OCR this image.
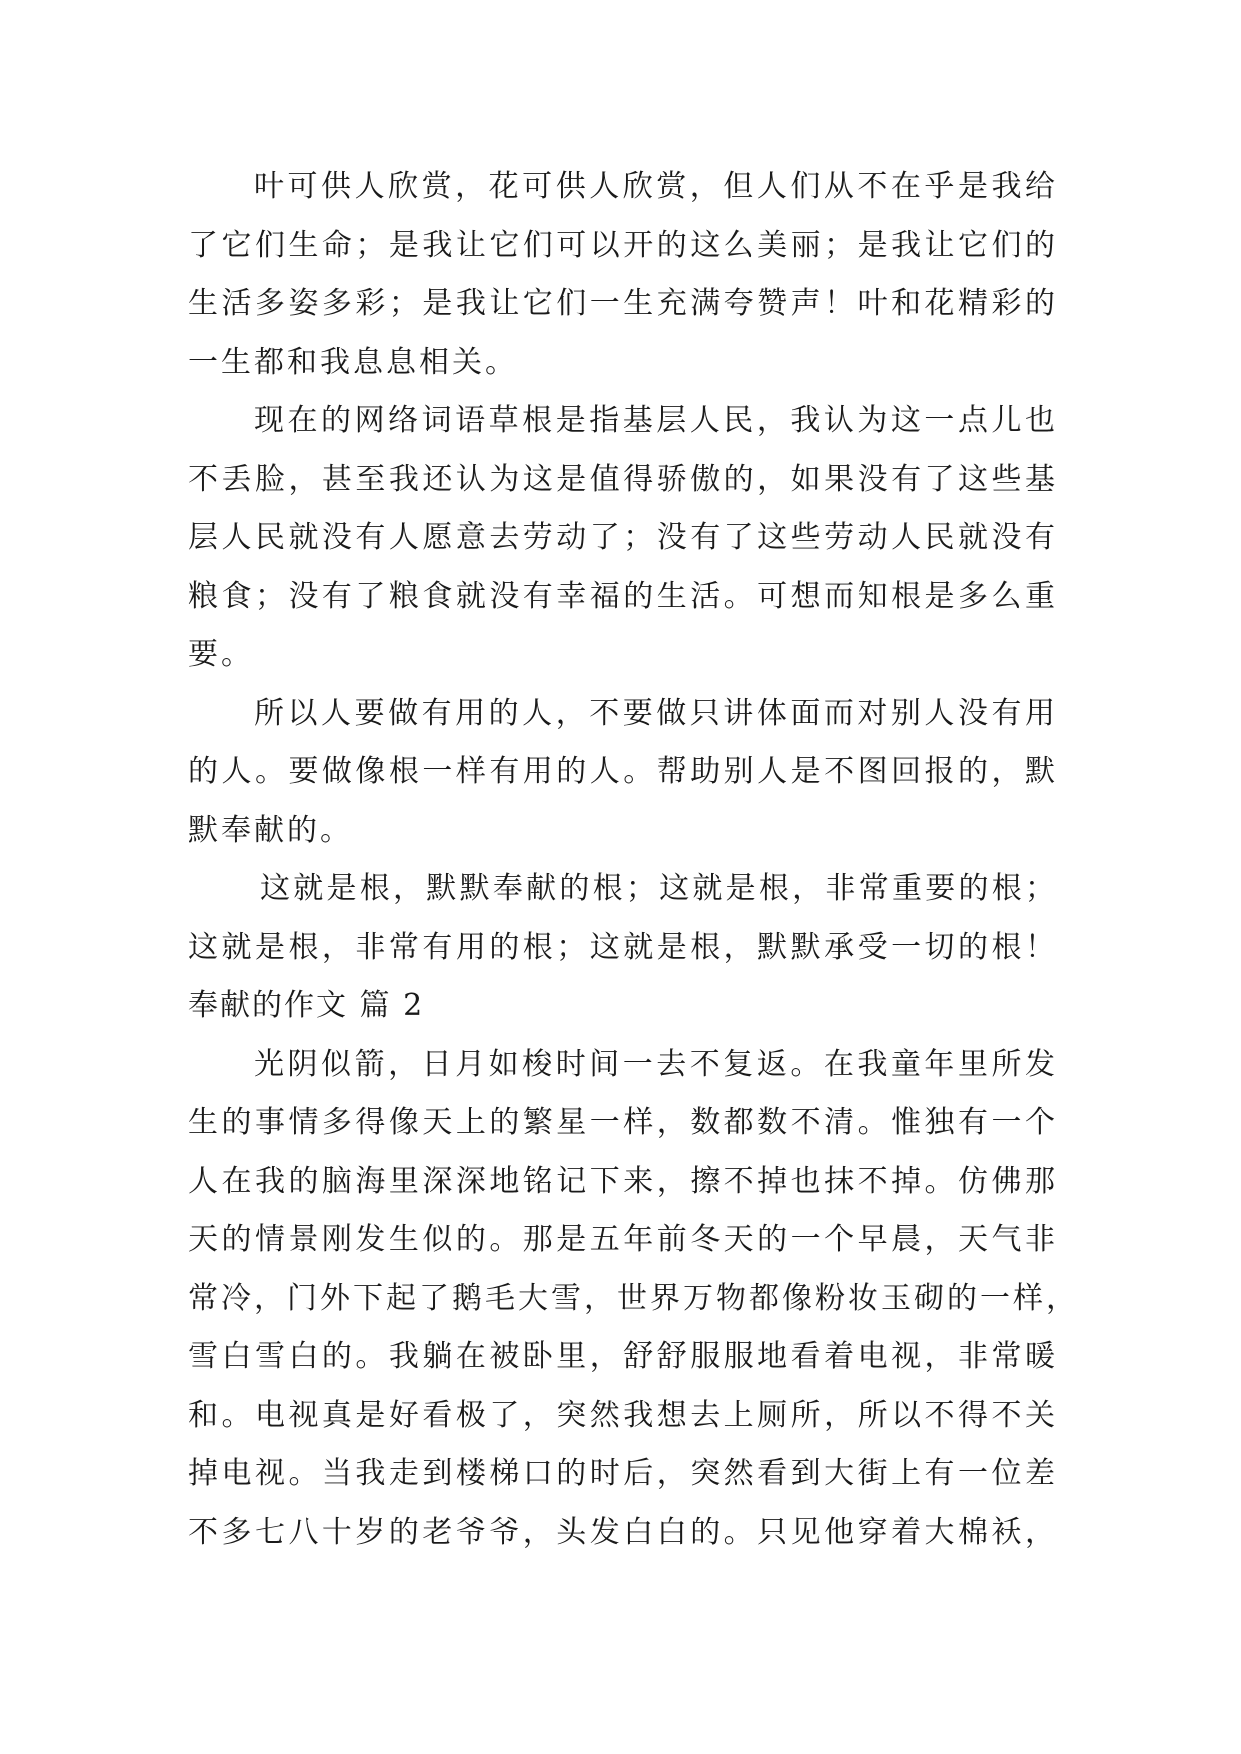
叶可供人欣赏，花可供人欣赏，但人们从不在乎是我给
了它们生命；是我让它们可以开的这么美丽；是我让它们的
生活多姿多彩；是我让它们一生充满夸赞声！叶和花精彩的
一生都和我息息相关。
现在的网络词语草根是指基层人民，我认为这一点儿也
不丢脸，甚至我还认为这是值得骄傲的，如果没有了这些基
层人民就没有人愿意去劳动了；没有了这些劳动人民就没有
粮食；没有了粮食就没有幸福的生活。可想而知根是多么重
要。
所以人要做有用的人，不要做只讲体面而对别人没有用
的人。要做像根一样有用的人。帮助别人是不图回报的，默
默奉献的。
这就是根，默默奉献的根；这就是根，非常重要的根；
这就是根，非常有用的根；这就是根，默默承受一切的根！
奉献的作文 篇 2
光阴似箭，日月如梭时间一去不复返。在我童年里所发
生的事情多得像天上的繁星一样，数都数不清。惟独有一个
人在我的脑海里深深地铭记下来，擦不掉也抹不掉。仿佛那
天的情景刚发生似的。那是五年前冬天的一个早晨，天气非
常冷，门外下起了鹅毛大雪，世界万物都像粉妆玉砌的一样，
雪白雪白的。我躺在被卧里，舒舒服服地看着电视，非常暖
和。电视真是好看极了，突然我想去上厕所，所以不得不关
掉电视。当我走到楼梯口的时后，突然看到大街上有一位差
不多七八十岁的老爷爷，头发白白的。只见他穿着大棉袄，
